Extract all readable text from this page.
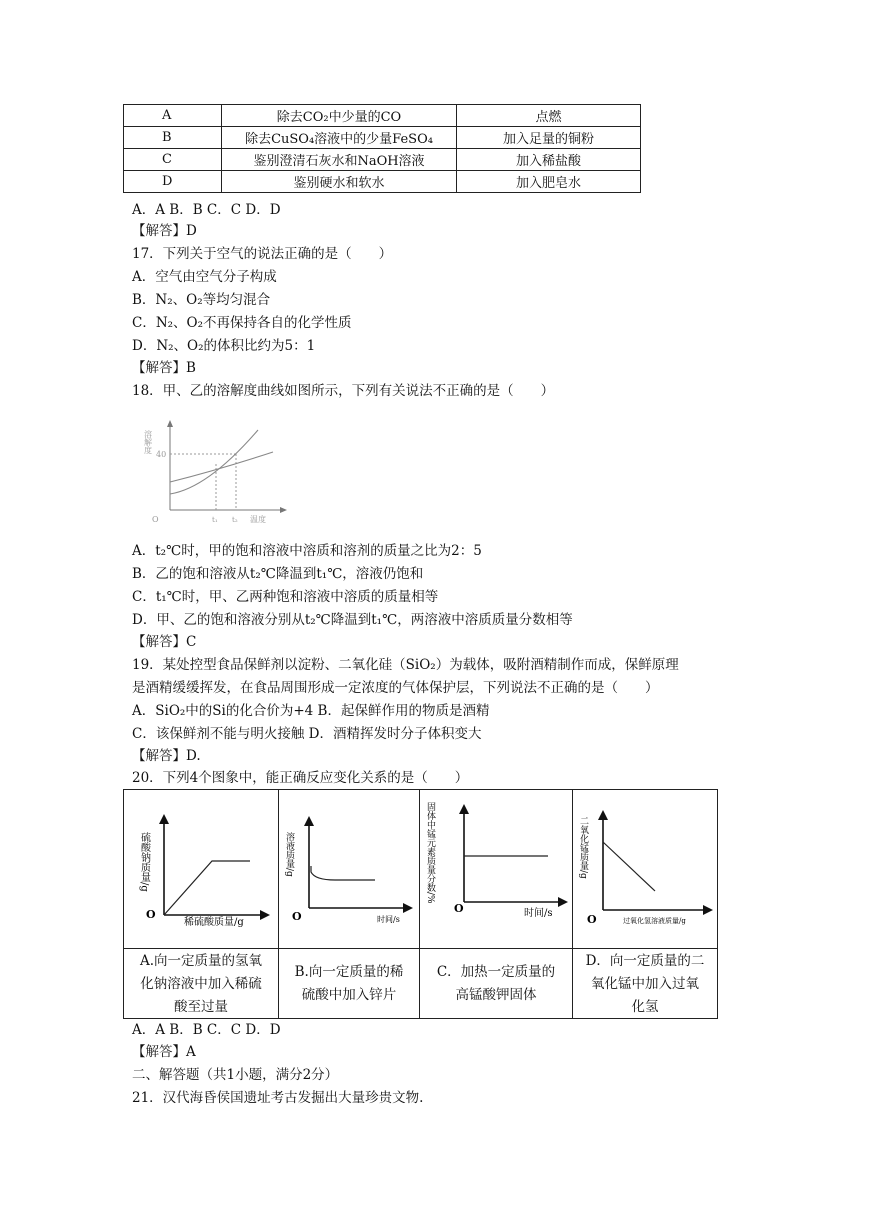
A	除去CO₂中少量的CO	点燃
B	除去CuSO₄溶液中的少量FeSO₄	加入足量的铜粉
C	鉴别澄清石灰水和NaOH溶液	加入稀盐酸
D	鉴别硬水和软水	加入肥皂水
A．A B．B C．C D．D
【解答】D
17．下列关于空气的说法正确的是（　　）
A．空气由空气分子构成
B．N₂、O₂等均匀混合
C．N₂、O₂不再保持各自的化学性质
D．N₂、O₂的体积比约为5：1
【解答】B
18．甲、乙的溶解度曲线如图所示，下列有关说法不正确的是（　　）
溶解度
40
O	t₁ t₂ 温度
A．t₂℃时，甲的饱和溶液中溶质和溶剂的质量之比为2：5
B．乙的饱和溶液从t₂℃降温到t₁℃，溶液仍饱和
C．t₁℃时，甲、乙两种饱和溶液中溶质的质量相等
D．甲、乙的饱和溶液分别从t₂℃降温到t₁℃，两溶液中溶质质量分数相等
【解答】C
19．某处控型食品保鲜剂以淀粉、二氧化硅（SiO₂）为载体，吸附酒精制作而成，保鲜原理
是酒精缓缓挥发，在食品周围形成一定浓度的气体保护层，下列说法不正确的是（　　）
A．SiO₂中的Si的化合价为+4 B．起保鲜作用的物质是酒精
C．该保鲜剂不能与明火接触 D．酒精挥发时分子体积变大
【解答】D.
20．下列4个图象中，能正确反应变化关系的是（　　）
硫酸钠质量/g
O
稀硫酸质量/g
溶液质量/g
O	时间/s
固体中锰元素质量分数/%
O	时间/s
二氧化锰质量/g
O	过氧化氢溶液质量/g
A.向一定质量的氢氧
化钠溶液中加入稀硫
酸至过量
B.向一定质量的稀
硫酸中加入锌片
C．加热一定质量的
高锰酸钾固体
D．向一定质量的二
氧化锰中加入过氧
化氢
A．A B．B C．C D．D
【解答】A
二、解答题（共1小题，满分2分）
21．汉代海昏侯国遗址考古发掘出大量珍贵文物.
